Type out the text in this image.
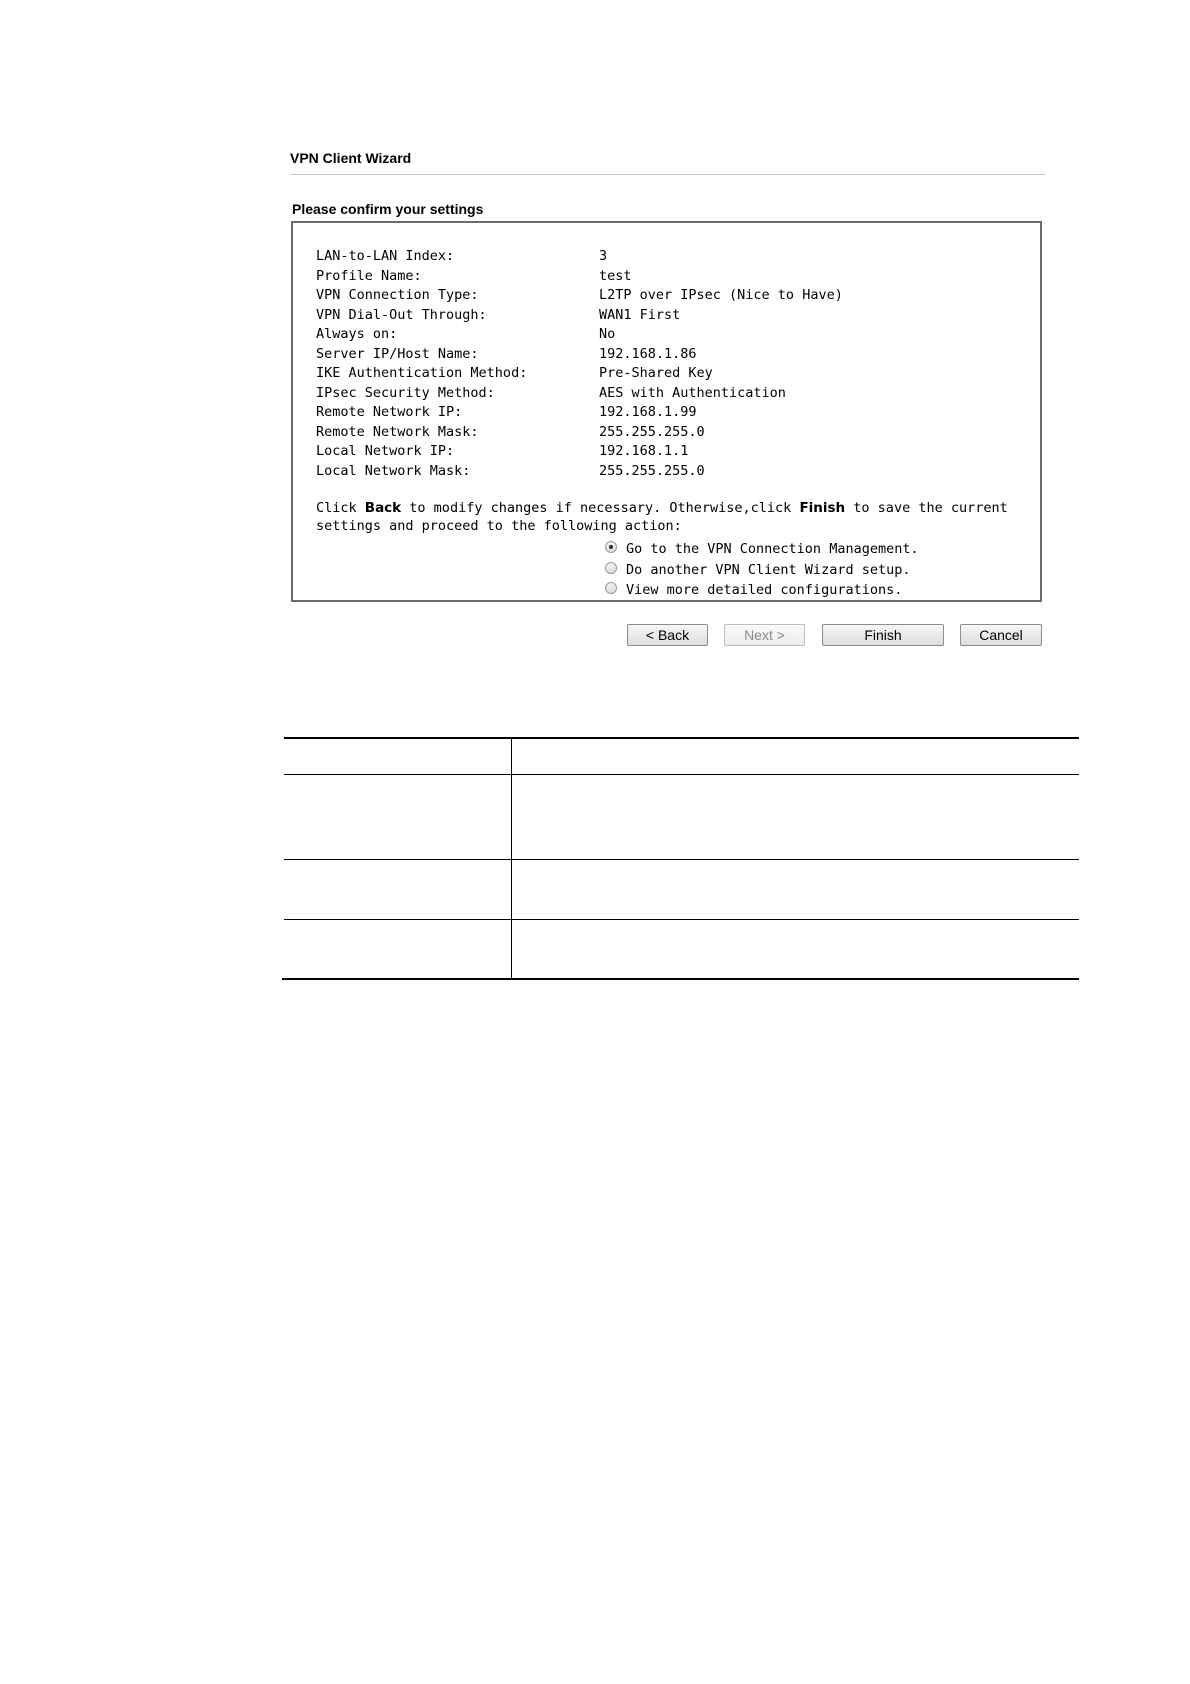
VPN Client Wizard
Please confirm your settings
LAN-to-LAN Index:	3
Profile Name:	test
VPN Connection Type:	L2TP over IPsec (Nice to Have)
VPN Dial-Out Through:	WAN1 First
Always on:	No
Server IP/Host Name:	192.168.1.86
IKE Authentication Method:	Pre-Shared Key
IPsec Security Method:	AES with Authentication
Remote Network IP:	192.168.1.99
Remote Network Mask:	255.255.255.0
Local Network IP:	192.168.1.1
Local Network Mask:	255.255.255.0
Click Back to modify changes if necessary. Otherwise,click Finish to save the current settings and proceed to the following action:
Go to the VPN Connection Management.
Do another VPN Client Wizard setup.
View more detailed configurations.
< Back	Next >	Finish	Cancel
